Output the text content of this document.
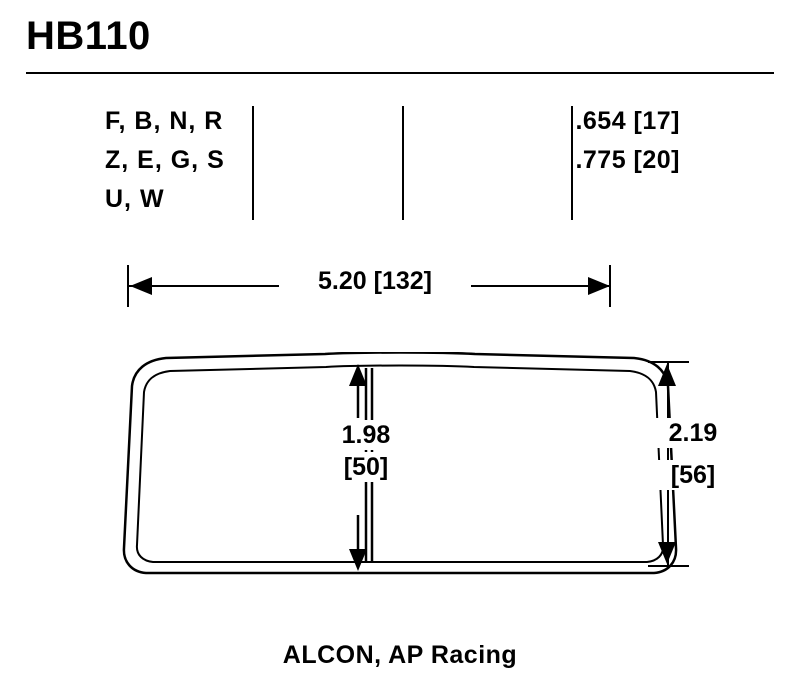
HB110
F, B, N, R
Z, E, G, S
U, W
.654 [17]
.775 [20]
5.20 [132]
1.98
[50]
2.19
[56]
ALCON, AP Racing
